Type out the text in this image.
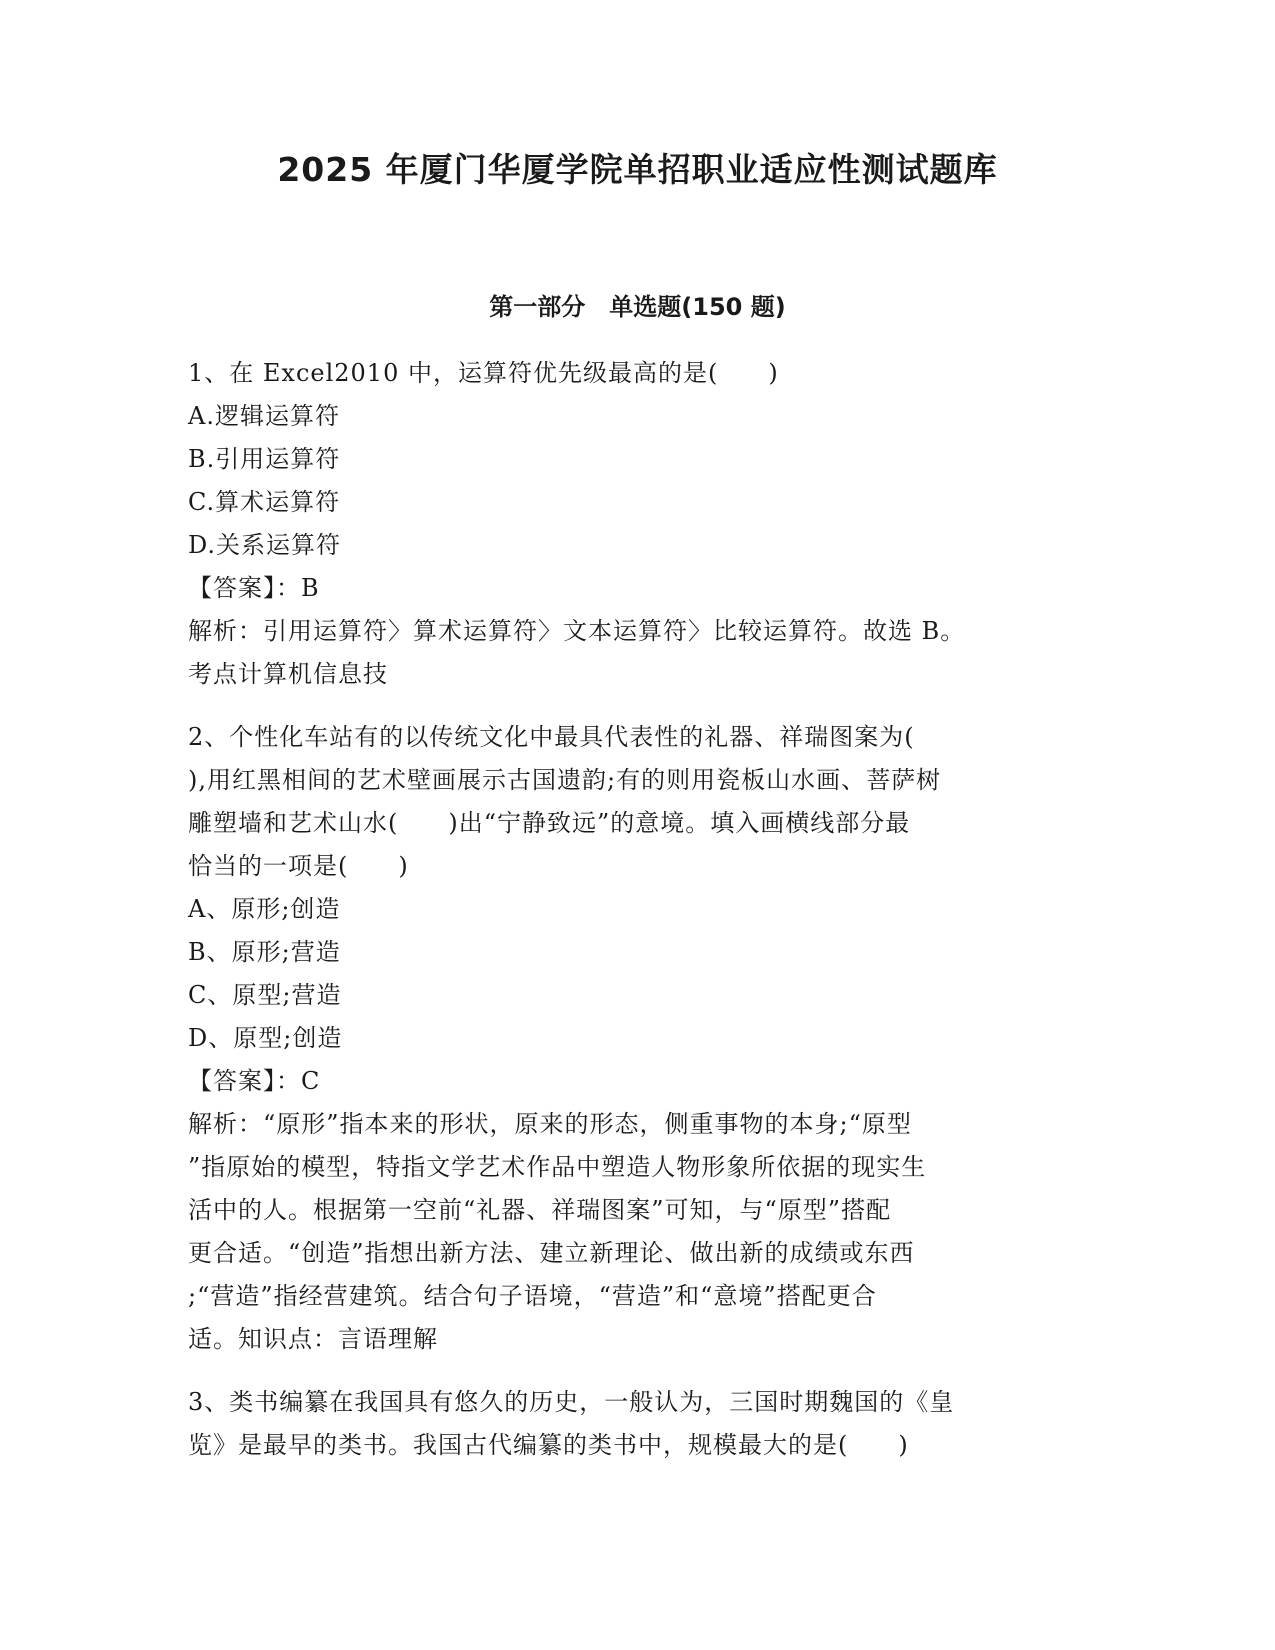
2025 年厦门华厦学院单招职业适应性测试题库
第一部分　单选题(150 题)
1、在 Excel2010 中，运算符优先级最高的是(　　)
A.逻辑运算符
B.引用运算符
C.算术运算符
D.关系运算符
【答案】：B
解析：引用运算符〉算术运算符〉文本运算符〉比较运算符。故选 B。
考点计算机信息技
2、个性化车站有的以传统文化中最具代表性的礼器、祥瑞图案为(
),用红黑相间的艺术壁画展示古国遗韵;有的则用瓷板山水画、菩萨树
雕塑墙和艺术山水(　　)出“宁静致远”的意境。填入画横线部分最
恰当的一项是(　　)
A、原形;创造
B、原形;营造
C、原型;营造
D、原型;创造
【答案】：C
解析：“原形”指本来的形状，原来的形态，侧重事物的本身;“原型
”指原始的模型，特指文学艺术作品中塑造人物形象所依据的现实生
活中的人。根据第一空前“礼器、祥瑞图案”可知，与“原型”搭配
更合适。“创造”指想出新方法、建立新理论、做出新的成绩或东西
;“营造”指经营建筑。结合句子语境，“营造”和“意境”搭配更合
适。知识点：言语理解
3、类书编纂在我国具有悠久的历史，一般认为，三国时期魏国的《皇
览》是最早的类书。我国古代编纂的类书中，规模最大的是(　　)
